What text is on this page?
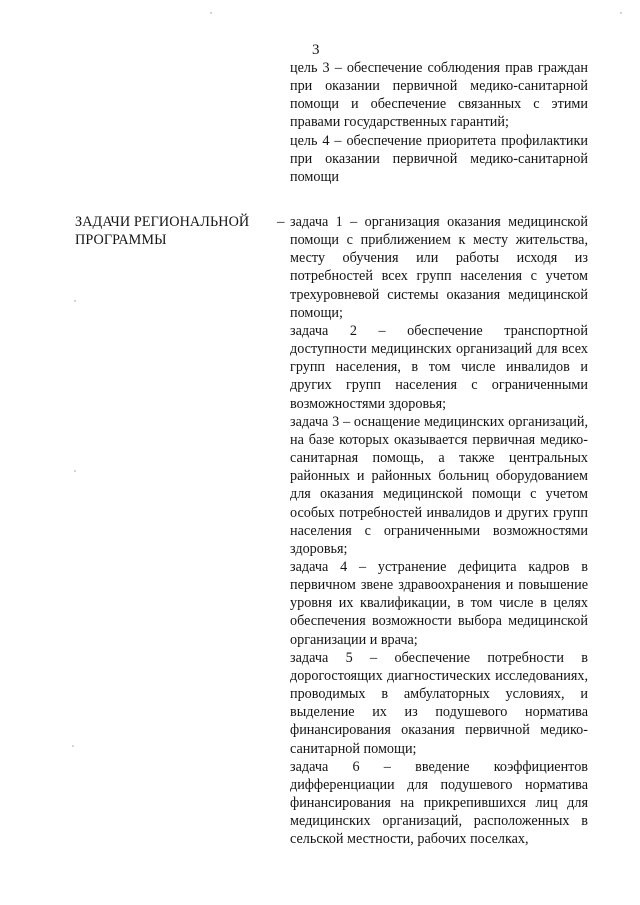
3

цель 3 – обеспечение соблюдения прав граждан при оказании первичной медико-санитарной помощи и обеспечение связанных с этими правами государственных гарантий;

цель 4 – обеспечение приоритета профилактики при оказании первичной медико-санитарной помощи

ЗАДАЧИ РЕГИОНАЛЬНОЙ ПРОГРАММЫ
– задача 1 – организация оказания медицинской помощи с приближением к месту жительства, месту обучения или работы исходя из потребностей всех групп населения с учетом трехуровневой системы оказания медицинской помощи;

задача 2 – обеспечение транспортной доступности медицинских организаций для всех групп населения, в том числе инвалидов и других групп населения с ограниченными возможностями здоровья;

задача 3 – оснащение медицинских организаций, на базе которых оказывается первичная медико-санитарная помощь, а также центральных районных и районных больниц оборудованием для оказания медицинской помощи с учетом особых потребностей инвалидов и других групп населения с ограниченными возможностями здоровья;

задача 4 – устранение дефицита кадров в первичном звене здравоохранения и повышение уровня их квалификации, в том числе в целях обеспечения возможности выбора медицинской организации и врача;

задача 5 – обеспечение потребности в дорогостоящих диагностических исследованиях, проводимых в амбулаторных условиях, и выделение их из подушевого норматива финансирования оказания первичной медико-санитарной помощи;

задача 6 – введение коэффициентов дифференциации для подушевого норматива финансирования на прикрепившихся лиц для медицинских организаций, расположенных в сельской местности, рабочих поселках,
